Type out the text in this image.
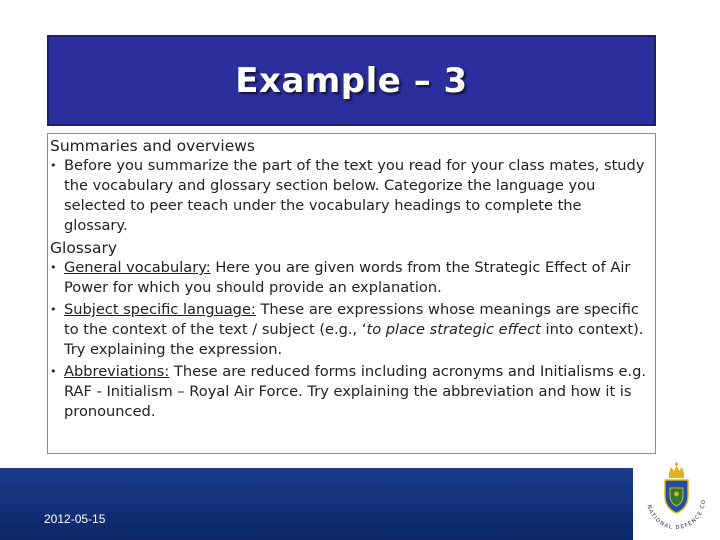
Example – 3
Summaries and overviews
• Before you summarize the part of the text you read for your class mates, study the vocabulary and glossary section below. Categorize the language you selected to peer teach under the vocabulary headings to complete the glossary.
Glossary
• General vocabulary: Here you are given words from the Strategic Effect of Air Power for which you should provide an explanation.
• Subject specific language: These are expressions whose meanings are specific to the context of the text / subject (e.g., ‘to place strategic effect into context). Try explaining the expression.
• Abbreviations: These are reduced forms including acronyms and Initialisms e.g. RAF - Initialism – Royal Air Force. Try explaining the abbreviation and how it is pronounced.
2012-05-15
NATIONAL DEFENCE CO
